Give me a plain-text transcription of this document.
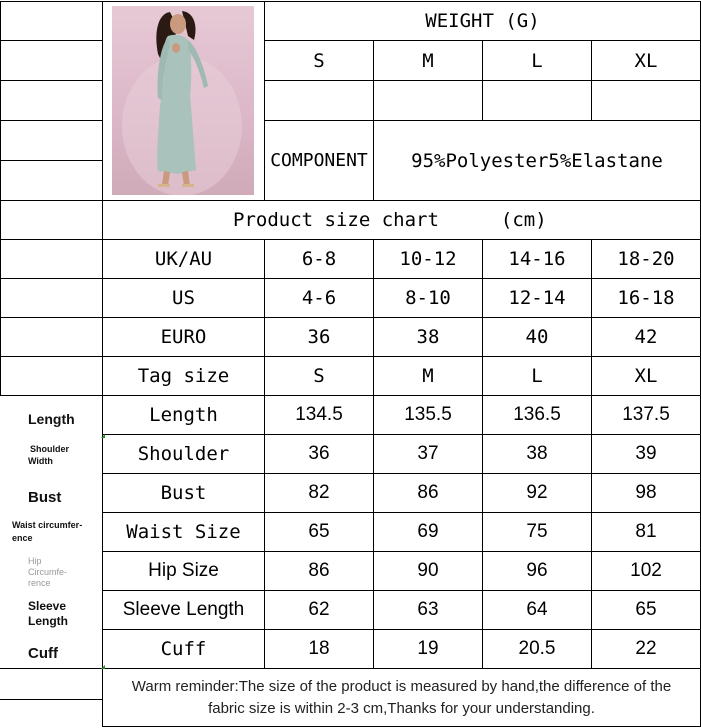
WEIGHT (G)
S	M	L	XL
COMPONENT	95%Polyester5%Elastane
Product size chart	(cm)
UK/AU	6-8	10-12	14-16	18-20
US	4-6	8-10	12-14	16-18
EURO	36	38	40	42
Tag size	S	M	L	XL
Length	134.5	135.5	136.5	137.5
Shoulder	36	37	38	39
Bust	82	86	92	98
Waist Size	65	69	75	81
Hip Size	86	90	96	102
Sleeve Length	62	63	64	65
Cuff	18	19	20.5	22
Length
Shoulder
Width
Bust
Waist circumfer-
ence
Hip
Circumfe-
rence
Sleeve
Length
Cuff
Warm reminder:The size of the product is measured by hand,the difference of the
fabric size is within 2-3 cm,Thanks for your understanding.
